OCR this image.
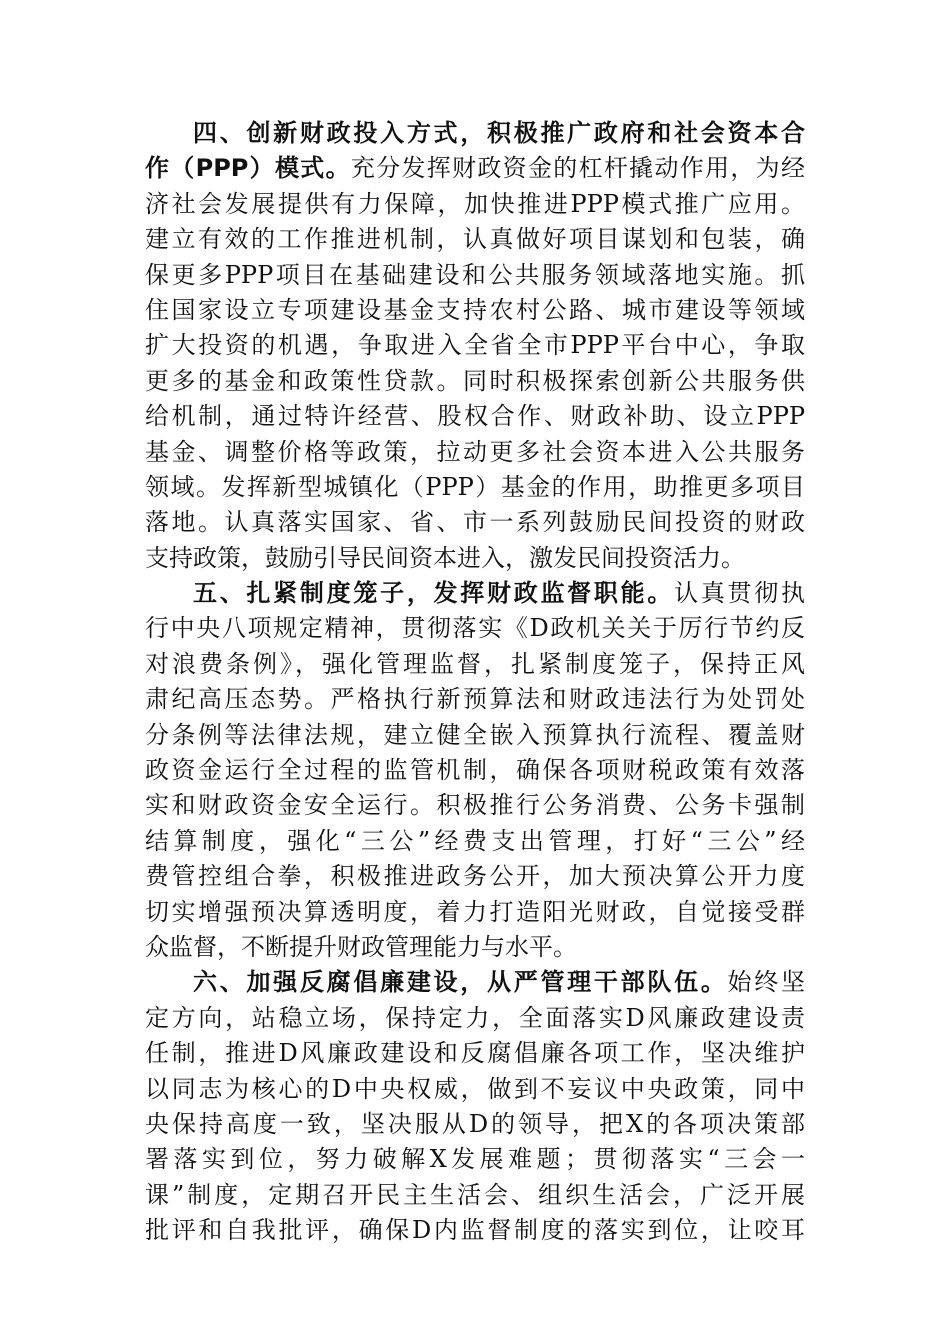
四、创新财政投入方式，积极推广政府和社会资本合
作（PPP）模式。充分发挥财政资金的杠杆撬动作用，为经
济社会发展提供有力保障，加快推进PPP模式推广应用。
建立有效的工作推进机制，认真做好项目谋划和包装，确
保更多PPP项目在基础建设和公共服务领域落地实施。抓
住国家设立专项建设基金支持农村公路、城市建设等领域
扩大投资的机遇，争取进入全省全市PPP平台中心，争取
更多的基金和政策性贷款。同时积极探索创新公共服务供
给机制，通过特许经营、股权合作、财政补助、设立PPP
基金、调整价格等政策，拉动更多社会资本进入公共服务
领域。发挥新型城镇化（PPP）基金的作用，助推更多项目
落地。认真落实国家、省、市一系列鼓励民间投资的财政
支持政策，鼓励引导民间资本进入，激发民间投资活力。
五、扎紧制度笼子，发挥财政监督职能。认真贯彻执
行中央八项规定精神，贯彻落实《D政机关关于厉行节约反
对浪费条例》，强化管理监督，扎紧制度笼子，保持正风
肃纪高压态势。严格执行新预算法和财政违法行为处罚处
分条例等法律法规，建立健全嵌入预算执行流程、覆盖财
政资金运行全过程的监管机制，确保各项财税政策有效落
实和财政资金安全运行。积极推行公务消费、公务卡强制
结算制度，强化“三公”经费支出管理，打好“三公”经
费管控组合拳，积极推进政务公开，加大预决算公开力度
切实增强预决算透明度，着力打造阳光财政，自觉接受群
众监督，不断提升财政管理能力与水平。
六、加强反腐倡廉建设，从严管理干部队伍。始终坚
定方向，站稳立场，保持定力，全面落实D风廉政建设责
任制，推进D风廉政建设和反腐倡廉各项工作，坚决维护
以同志为核心的D中央权威，做到不妄议中央政策，同中
央保持高度一致，坚决服从D的领导，把X的各项决策部
署落实到位，努力破解X发展难题；贯彻落实“三会一
课”制度，定期召开民主生活会、组织生活会，广泛开展
批评和自我批评，确保D内监督制度的落实到位，让咬耳
